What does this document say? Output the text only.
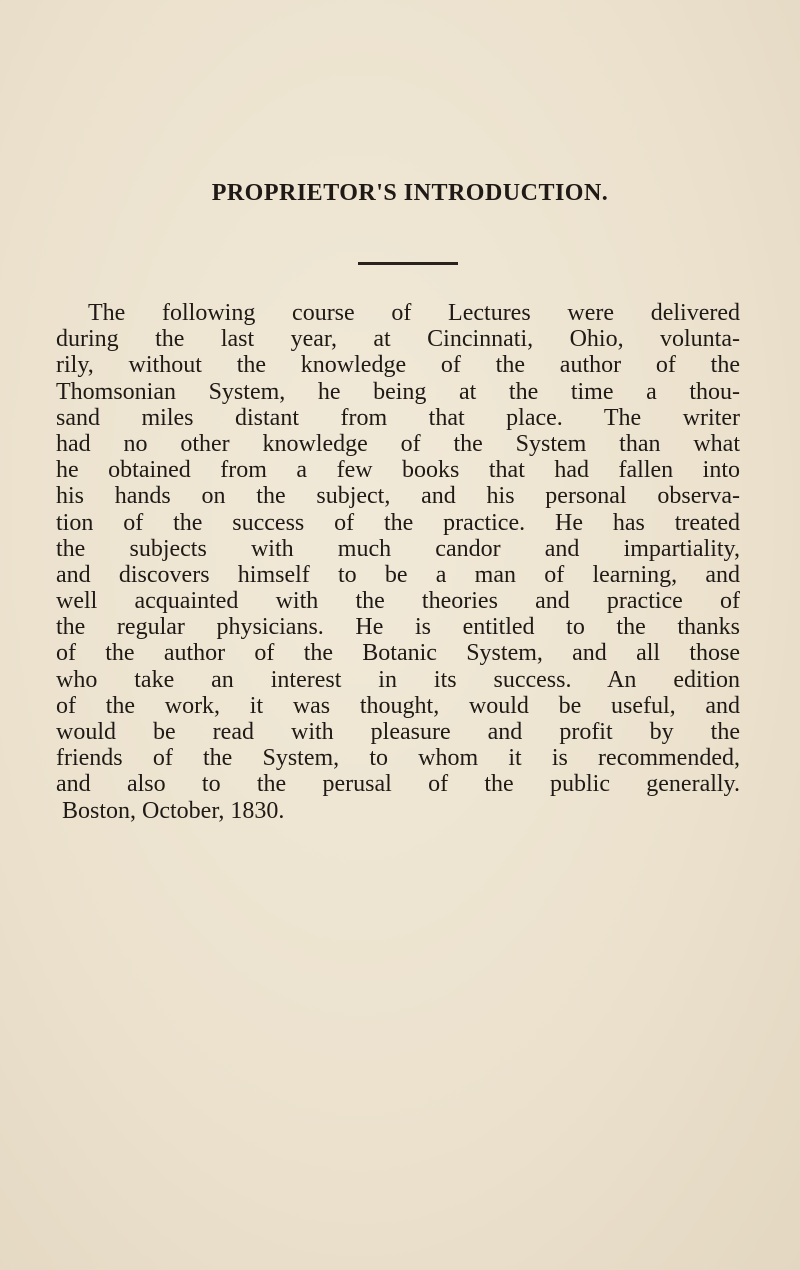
PROPRIETOR'S INTRODUCTION.
The following course of Lectures were delivered
during the last year, at Cincinnati, Ohio, volunta-
rily, without the knowledge of the author of the
Thomsonian System, he being at the time a thou-
sand miles distant from that place. The writer
had no other knowledge of the System than what
he obtained from a few books that had fallen into
his hands on the subject, and his personal observa-
tion of the success of the practice. He has treated
the subjects with much candor and impartiality,
and discovers himself to be a man of learning, and
well acquainted with the theories and practice of
the regular physicians. He is entitled to the thanks
of the author of the Botanic System, and all those
who take an interest in its success. An edition
of the work, it was thought, would be useful, and
would be read with pleasure and profit by the
friends of the System, to whom it is recommended,
and also to the perusal of the public generally.
Boston, October, 1830.
